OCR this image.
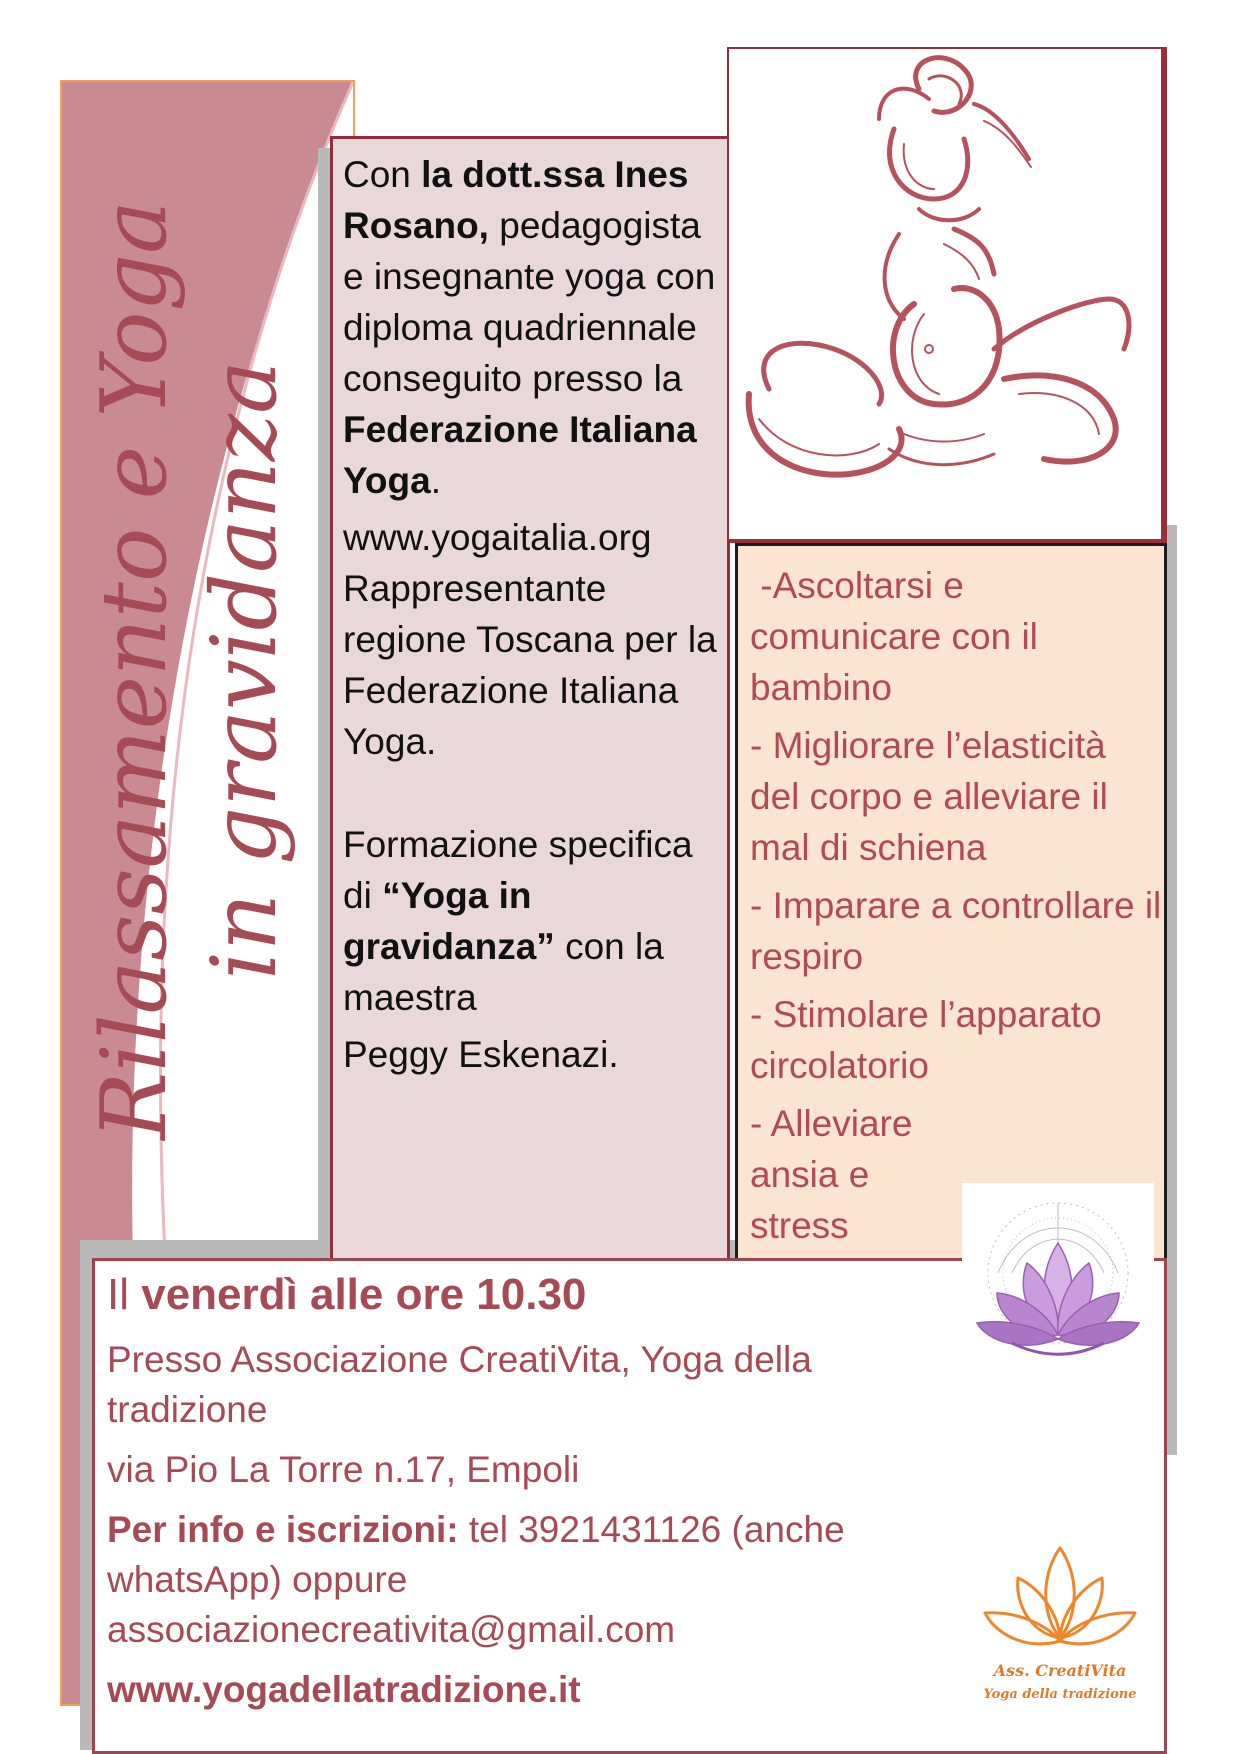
Rilassamento e Yoga in gravidanza

Con la dott.ssa Ines Rosano, pedagogista e insegnante yoga con diploma quadriennale conseguito presso la Federazione Italiana Yoga.

www.yogaitalia.org

Rappresentante regione Toscana per la Federazione Italiana Yoga.

Formazione specifica di “Yoga in gravidanza” con la maestra

Peggy Eskenazi.

-Ascoltarsi e comunicare con il bambino

- Migliorare l’elasticità del corpo e alleviare il mal di schiena

- Imparare a controllare il respiro

- Stimolare l’apparato circolatorio

- Alleviare ansia e stress

Il venerdì alle ore 10.30

Presso Associazione CreatiVita, Yoga della tradizione

via Pio La Torre n.17, Empoli

Per info e iscrizioni: tel 3921431126 (anche whatsApp) oppure associazionecreativita@gmail.com

www.yogadellatradizione.it	Ass. CreatiVita
Yoga della tradizione
